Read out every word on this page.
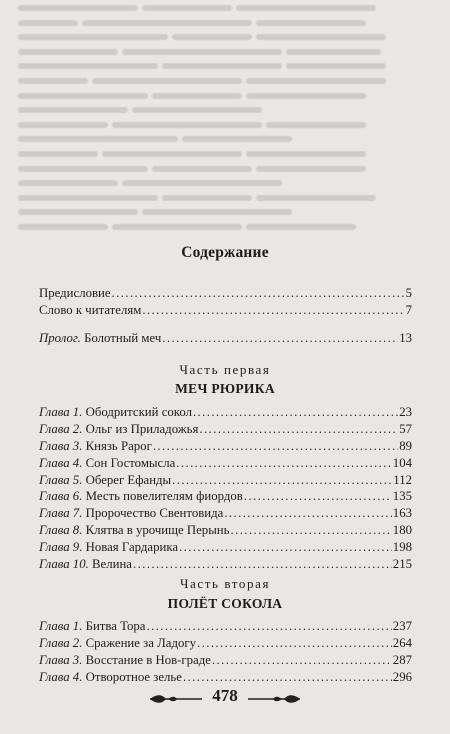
Содержание
Предисловие .....	5
Слово к читателям .....	7
Пролог. Болотный меч .....	13
Часть первая
МЕЧ РЮРИКА
Глава 1. Ободритский сокол .....	23
Глава 2. Ольг из Приладожья .....	57
Глава 3. Князь Рарог .....	89
Глава 4. Сон Гостомысла .....	104
Глава 5. Оберег Ефанды .....	112
Глава 6. Месть повелителям фиордов .....	135
Глава 7. Пророчество Свентовида .....	163
Глава 8. Клятва в урочище Перынь .....	180
Глава 9. Новая Гардарика .....	198
Глава 10. Велина .....	215
Часть вторая
ПОЛЁТ СОКОЛА
Глава 1. Битва Тора .....	237
Глава 2. Сражение за Ладогу .....	264
Глава 3. Восстание в Нов-граде .....	287
Глава 4. Отворотное зелье .....	296
478
